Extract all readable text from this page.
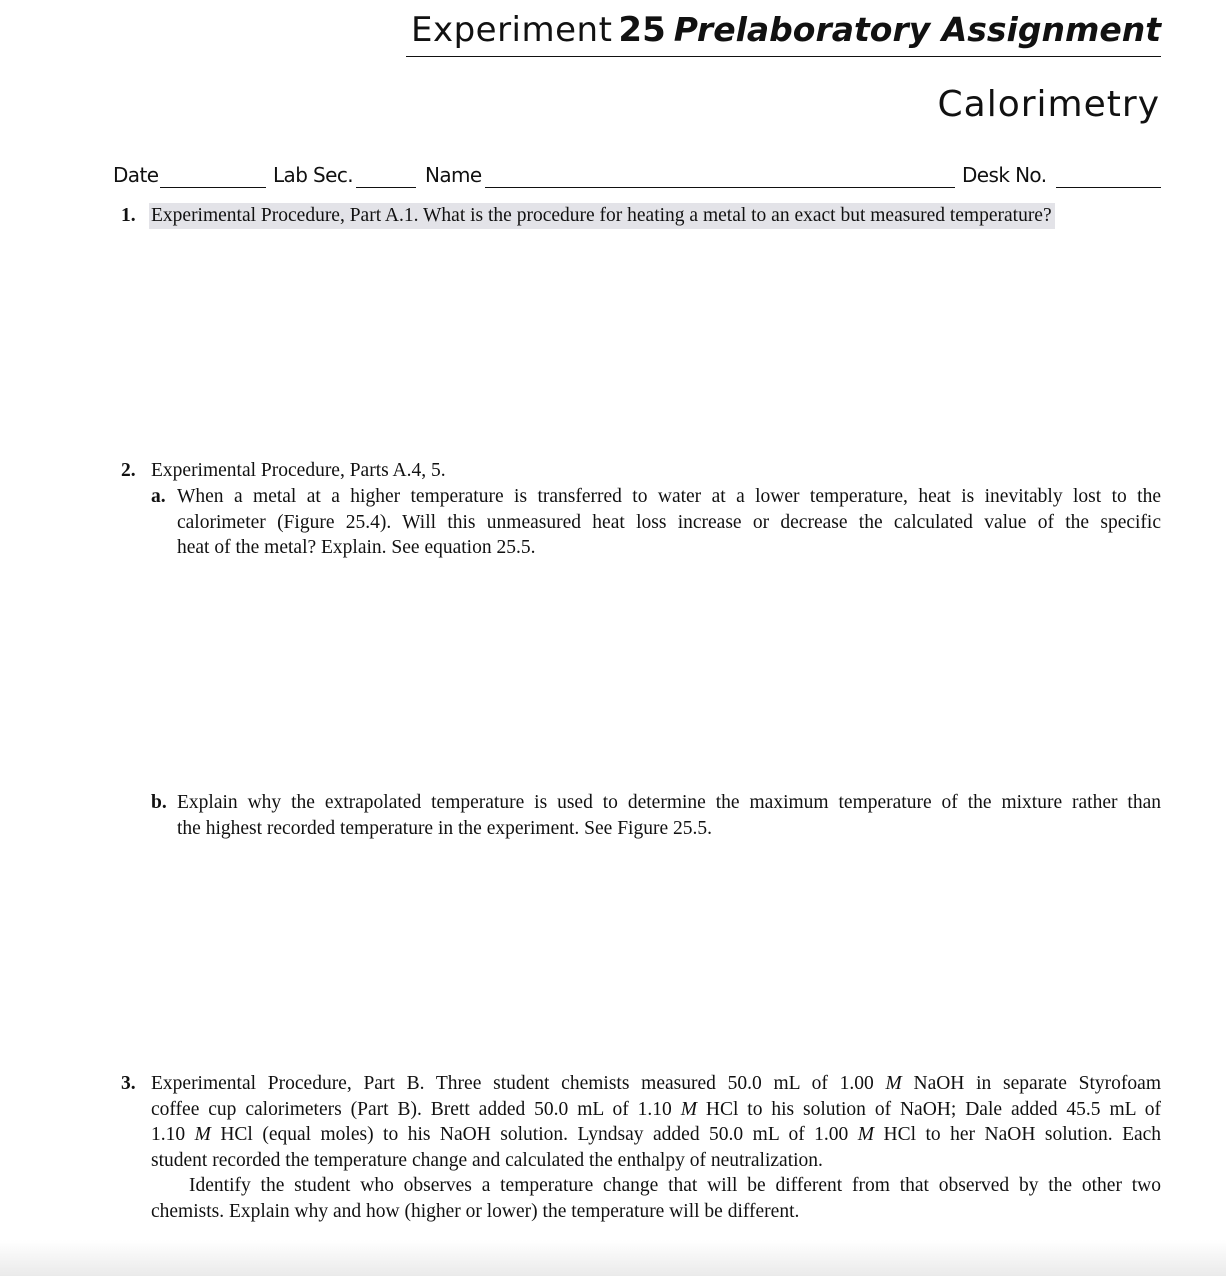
Experiment 25 Prelaboratory Assignment
Calorimetry
Date	Lab Sec.	Name	Desk No.
1. Experimental Procedure, Part A.1. What is the procedure for heating a metal to an exact but measured temperature?
2. Experimental Procedure, Parts A.4, 5.
a. When a metal at a higher temperature is transferred to water at a lower temperature, heat is inevitably lost to the
calorimeter (Figure 25.4). Will this unmeasured heat loss increase or decrease the calculated value of the specific
heat of the metal? Explain. See equation 25.5.
b. Explain why the extrapolated temperature is used to determine the maximum temperature of the mixture rather than
the highest recorded temperature in the experiment. See Figure 25.5.
3. Experimental Procedure, Part B. Three student chemists measured 50.0 mL of 1.00 M NaOH in separate Styrofoam
coffee cup calorimeters (Part B). Brett added 50.0 mL of 1.10 M HCl to his solution of NaOH; Dale added 45.5 mL of
1.10 M HCl (equal moles) to his NaOH solution. Lyndsay added 50.0 mL of 1.00 M HCl to her NaOH solution. Each
student recorded the temperature change and calculated the enthalpy of neutralization.
Identify the student who observes a temperature change that will be different from that observed by the other two
chemists. Explain why and how (higher or lower) the temperature will be different.
